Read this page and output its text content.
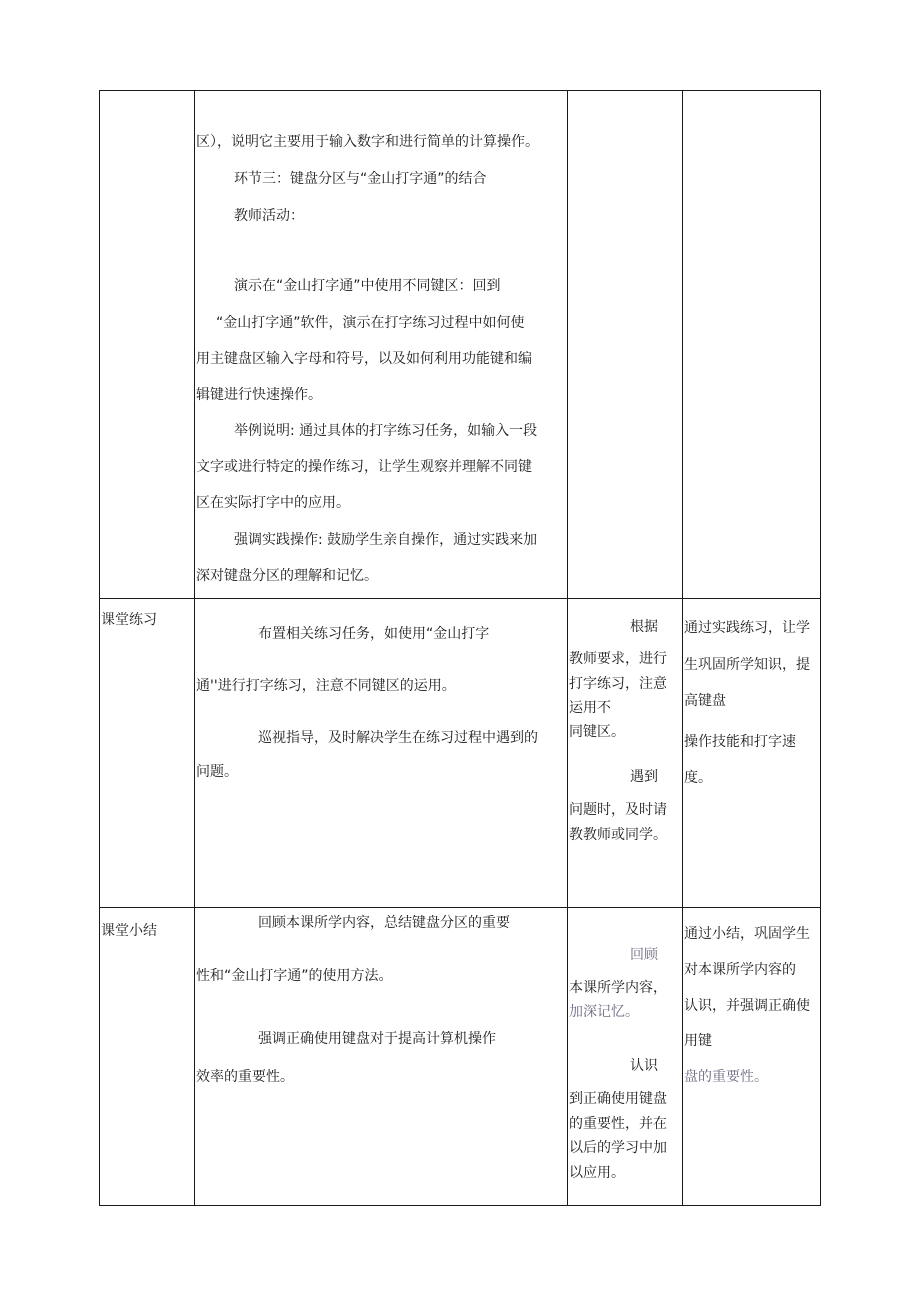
区），说明它主要用于输入数字和进行简单的计算操作。
环节三：键盘分区与“金山打字通”的结合
教师活动：
演示在“金山打字通”中使用不同键区：回到
“金山打字通”软件，演示在打字练习过程中如何使
用主键盘区输入字母和符号，以及如何利用功能键和编
辑键进行快速操作。
举例说明: 通过具体的打字练习任务，如输入一段
文字或进行特定的操作练习，让学生观察并理解不同键
区在实际打字中的应用。
强调实践操作: 鼓励学生亲自操作，通过实践来加
深对键盘分区的理解和记忆。
课堂练习
布置相关练习任务，如使用“金山打字
通''进行打字练习，注意不同键区的运用。
巡视指导，及时解决学生在练习过程中遇到的
问题。
根据
教师要求，进行
打字练习，注意
运用不
同键区。
遇到
问题时，及时请
教教师或同学。
通过实践练习，让学
生巩固所学知识，提
高键盘
操作技能和打字速
度。
课堂小结	回顾本课所学内容，总结键盘分区的重要
性和“金山打字通”的使用方法。
强调正确使用键盘对于提高计算机操作
效率的重要性。
回顾
本课所学内容，
加深记忆。
认识
到正确使用键盘
的重要性，并在
以后的学习中加
以应用。
通过小结，巩固学生
对本课所学内容的
认识，并强调正确使
用键
盘的重要性。
